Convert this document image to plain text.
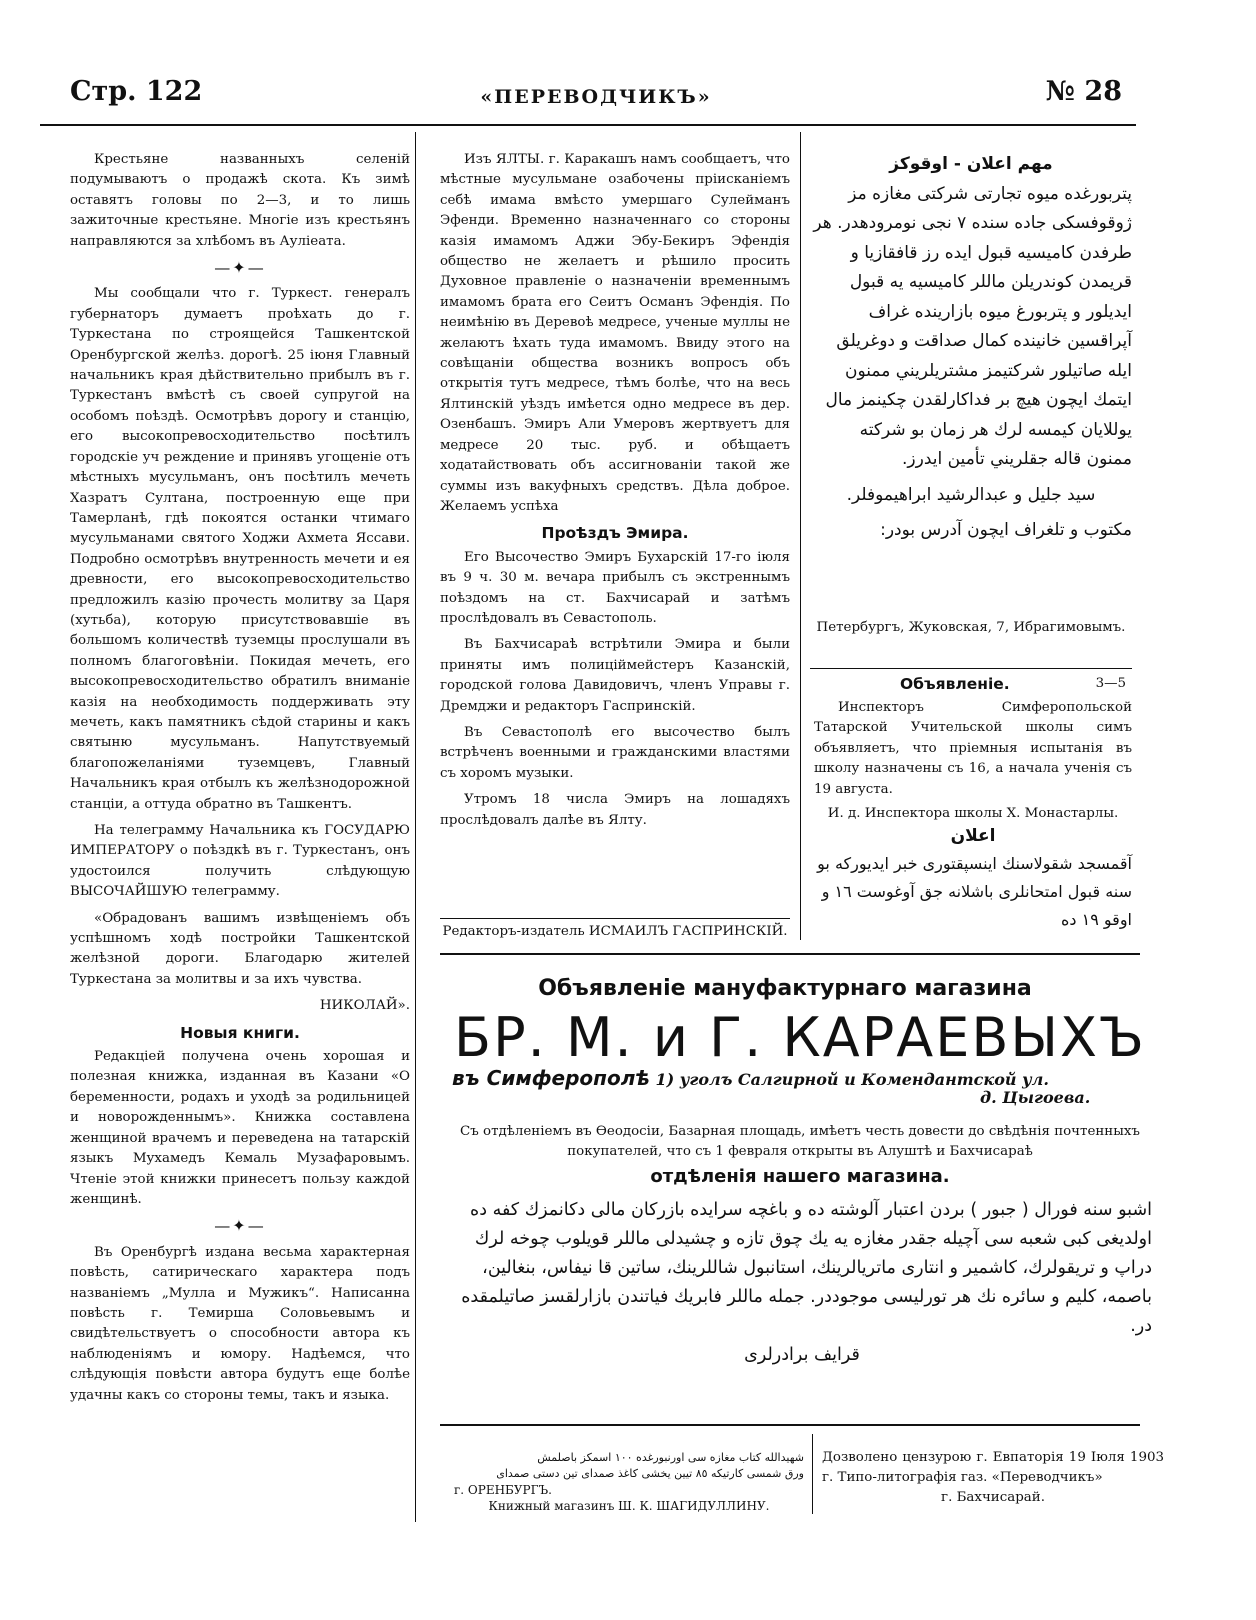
Стр. 122	«ПЕРЕВОДЧИКЪ»	№ 28

Крестьяне названныхъ селеній подумываютъ о продажѣ скота. Къ зимѣ оставятъ головы по 2—3, и то лишь зажиточные крестьяне. Многіе изъ крестьянъ направляются за хлѣбомъ въ Аулiеата.

—✦—

Мы сообщали что г. Туркест. генералъ губернаторъ думаетъ проѣхать до г. Туркестана по строящейся Ташкентской Оренбургской желѣз. дорогѣ. 25 іюня Главный начальникъ края дѣйствительно прибылъ въ г. Туркестанъ вмѣстѣ съ своей супругой на особомъ поѣздѣ. Осмотрѣвъ дорогу и станцію, его высокопревосходительство посѣтилъ городскіе уч реждение и принявъ угощеніе отъ мѣстныхъ мусульманъ, онъ посѣтилъ мечеть Хазратъ Султана, построенную еще при Тамерланѣ, гдѣ покоятся останки чтимаго мусульманами святого Ходжи Ахмета Яссави. Подробно осмотрѣвъ внутренность мечети и ея древности, его высокопревосходительство предложилъ казію прочесть молитву за Царя (хутьба), которую присутствовавшіе въ большомъ количествѣ туземцы прослушали въ полномъ благоговѣніи. Покидая мечеть, его высокопревосходительство обратилъ вниманіе казія на необходимость поддерживать эту мечеть, какъ памятникъ сѣдой старины и какъ святыню мусульманъ. Напутствуемый благопожеланіями туземцевъ, Главный Начальникъ края отбылъ къ желѣзнодорожной станціи, а оттуда обратно въ Ташкентъ.

На телеграмму Начальника къ ГОСУДАРЮ ИМПЕРАТОРУ о поѣздкѣ въ г. Туркестанъ, онъ удостоился получить слѣдующую ВЫСОЧАЙШУЮ телеграмму.

«Обрадованъ вашимъ извѣщеніемъ объ успѣшномъ ходѣ постройки Ташкентской желѣзной дороги. Благодарю жителей Туркестана за молитвы и за ихъ чувства.

НИКОЛАЙ».

Новыя книги.

Редакціей получена очень хорошая и полезная книжка, изданная въ Казани «О беременности, родахъ и уходѣ за родильницей и новорожденнымъ». Книжка составлена женщиной врачемъ и переведена на татарскій языкъ Мухамедъ Кемаль Музафаровымъ. Чтеніе этой книжки принесетъ пользу каждой женщинѣ.

—✦—

Въ Оренбургѣ издана весьма характерная повѣсть, сатирическаго характера подъ названіемъ „Мулла и Мужикъ“. Написанна повѣсть г. Темирша Соловьевымъ и свидѣтельствуетъ о способности автора къ наблюденіямъ и юмору. Надѣемся, что слѣдующія повѣсти автора будутъ еще болѣе удачны какъ со стороны темы, такъ и языка.

Изъ ЯЛТЫ. г. Каракашъ намъ сообщаетъ, что мѣстные мусульмане озабочены пріисканіемъ себѣ имама вмѣсто умершаго Сулейманъ Эфенди. Временно назначеннаго со стороны казія имамомъ Аджи Эбу-Бекиръ Эфендія общество не желаетъ и рѣшило просить Духовное правленіе о назначеніи временнымъ имамомъ брата его Сеитъ Османъ Эфендія. По неимѣнію въ Деревоѣ медресе, ученые муллы не желаютъ ѣхать туда имамомъ. Ввиду этого на совѣщаніи общества возникъ вопросъ объ открытія тутъ медресе, тѣмъ болѣе, что на весь Ялтинскій уѣздъ имѣется одно медресе въ дер. Озенбашъ. Эмиръ Али Умеровъ жертвуетъ для медресе 20 тыс. руб. и обѣщаетъ ходатайствовать объ ассигнованіи такой же суммы изъ вакуфныхъ средствъ. Дѣла доброе. Желаемъ успѣха

Проѣздъ Эмира.

Его Высочество Эмиръ Бухарскій 17-го іюля въ 9 ч. 30 м. вечара прибылъ съ экстреннымъ поѣздомъ на ст. Бахчисарай и затѣмъ прослѣдовалъ въ Севастополь.

Въ Бахчисараѣ встрѣтили Эмира и были приняты имъ полицiймейстеръ Казанскій, городской голова Давидовичъ, членъ Управы г. Дремджи и редакторъ Гаспринскій.

Въ Севастополѣ его высочество былъ встрѣченъ военными и гражданскими властями съ хоромъ музыки.

Утромъ 18 числа Эмиръ на лошадяхъ прослѣдовалъ далѣе въ Ялту.

Редакторъ-издатель ИСМАИЛЪ ГАСПРИНСКІЙ.
مهم اعلان - اوقوكز

پتربورغده میوه تجارتی شركتی مغازه مز ژوقوفسكی جاده سنده ٧ نجی نومرودهدر. هر طرفدن كاميسيه قبول ايده رز قافقازيا و قريمدن كوندريلن ماللر كاميسيه يه قبول ايديلور و پتربورغ ميوه بازارينده غراف آپراقسين خانينده كمال صداقت و دوغريلق ايله صاتيلور شركتيمز مشتريلريني ممنون ايتمك ايچون هيچ بر فداكارلقدن چكينمز مال يوللايان كيمسه لرك هر زمان بو شركته ممنون قاله جقلريني تأمين ايدرز.

سيد جليل و عبدالرشيد ابراهيموفلر.

مكتوب و تلغراف ايچون آدرس بودر:

Петербургъ, Жуковская, 7, Ибрагимовымъ.
Объявленіе.	3—5
Инспекторъ Симферопольской Татарской Учительской школы симъ объявляетъ, что пріемныя испытанія въ школу назначены съ 16, а начала ученія съ 19 августа.
И. д. Инспектора школы Х. Монастарлы.
اعلان
آقمسجد شقولاسنك اينسپقتوری خبر ايديورکه بو سنه قبول امتحانلری باشلانه جق آوغوست ١٦ و اوقو ١٩ ده
Объявленіе мануфактурнаго магазина
БР. М. и Г. КАРАЕВЫХЪ
въ Симферополѣ 1) уголъ Салгирной и Комендантской ул.
д. Цыгоева.
Съ отдѣленіемъ въ Ѳеодосіи, Базарная площадь, имѣетъ честь довести до свѣдѣнія почтенныхъ покупателей, что съ 1 февраля открыты въ Алуштѣ и Бахчисараѣ
отдѣленія нашего магазина.
اشبو سنه فورال ( جبور ) بردن اعتبار آلوشته ده و باغچه سرايده بازركان مالی دكانمزك كفه ده اولديغی كبی شعبه سی آچيله جقدر مغازه يه يك چوق تازه و چشيدلی ماللر قويلوب چوخه لرك دراپ و تريقولرك، كاشمير و انتاری ماتريالرينك، استانبول شاللرينك، ساتين قا نيفاس، بنغالين، باصمه، كليم و سائره نك هر تورليسی موجوددر. جمله ماللر فابريك فياتندن بازارلقسز صاتيلمقده در.
قرايف برادرلری
شهيدالله كتاب مغازه سی اورنبورغده ١٠٠ اسمكز باصلمش
ورق شمسی كارتيكه ٨٥ تيين يخشی كاغذ صمدای تين دستی صمدای
г. ОРЕНБУРГЪ.
Книжный магазинъ Ш. К. ШАГИДУЛЛИНУ.
Дозволено цензурою г. Евпаторія 19 Іюля 1903 г. Типо-литографія газ. «Переводчикъ»
г. Бахчисарай.
